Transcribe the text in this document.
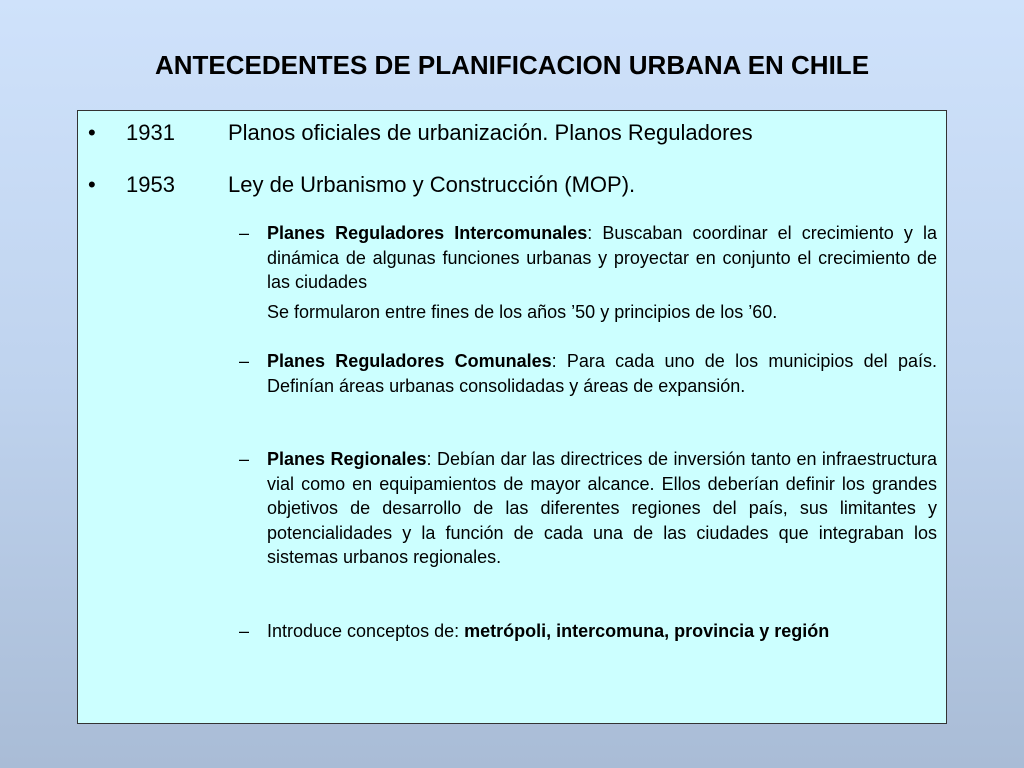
ANTECEDENTES DE PLANIFICACION URBANA EN CHILE
• 1931 Planos oficiales de urbanización. Planos Reguladores
• 1953 Ley de Urbanismo y Construcción (MOP).
– Planes Reguladores Intercomunales: Buscaban coordinar el crecimiento y la dinámica de algunas funciones urbanas y proyectar en conjunto el crecimiento de las ciudades
Se formularon entre fines de los años ’50 y principios de los ’60.
– Planes Reguladores Comunales: Para cada uno de los municipios del país. Definían áreas urbanas consolidadas y áreas de expansión.
– Planes Regionales: Debían dar las directrices de inversión tanto en infraestructura vial como en equipamientos de mayor alcance. Ellos deberían definir los grandes objetivos de desarrollo de las diferentes regiones del país, sus limitantes y potencialidades y la función de cada una de las ciudades que integraban los sistemas urbanos regionales.
– Introduce conceptos de: metrópoli, intercomuna, provincia y región
